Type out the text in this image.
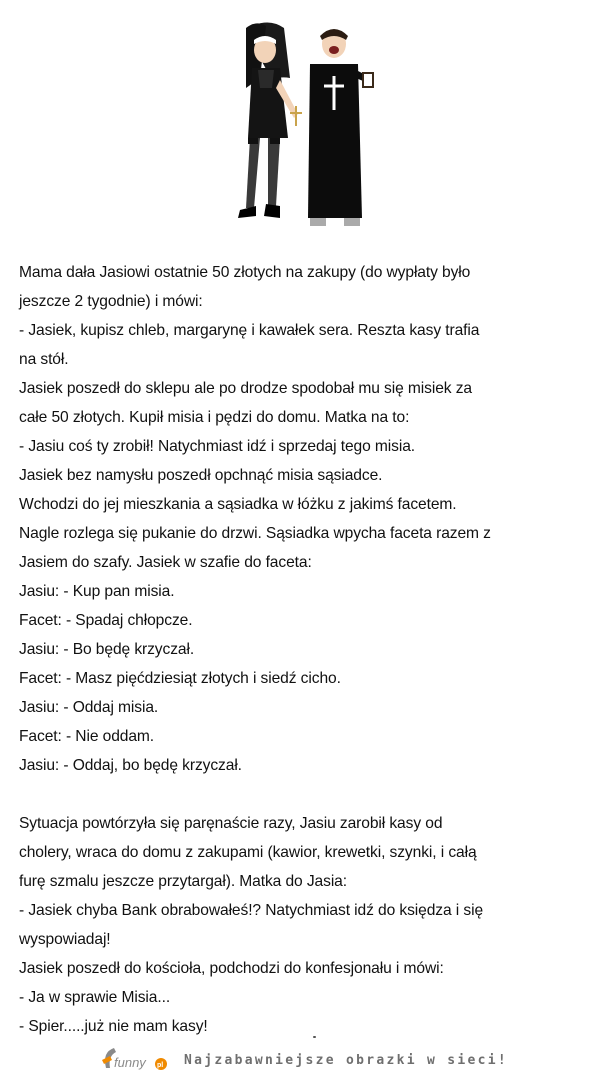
Mama dała Jasiowi ostatnie 50 złotych na zakupy (do wypłaty było
jeszcze 2 tygodnie) i mówi:
- Jasiek, kupisz chleb, margarynę i kawałek sera. Reszta kasy trafia
na stół.
Jasiek poszedł do sklepu ale po drodze spodobał mu się misiek za
całe 50 złotych. Kupił misia i pędzi do domu. Matka na to:
- Jasiu coś ty zrobił! Natychmiast idź i sprzedaj tego misia.
Jasiek bez namysłu poszedł opchnąć misia sąsiadce.
Wchodzi do jej mieszkania a sąsiadka w łóżku z jakimś facetem.
Nagle rozlega się pukanie do drzwi. Sąsiadka wpycha faceta razem z
Jasiem do szafy. Jasiek w szafie do faceta:
Jasiu: - Kup pan misia.
Facet: - Spadaj chłopcze.
Jasiu: - Bo będę krzyczał.
Facet: - Masz pięćdziesiąt złotych i siedź cicho.
Jasiu: - Oddaj misia.
Facet: - Nie oddam.
Jasiu: - Oddaj, bo będę krzyczał.
Sytuacja powtórzyła się paręnaście razy, Jasiu zarobił kasy od
cholery, wraca do domu z zakupami (kawior, krewetki, szynki, i całą
furę szmalu jeszcze przytargał). Matka do Jasia:
- Jasiek chyba Bank obrabowałeś!? Natychmiast idź do księdza i się
wyspowiadaj!
Jasiek poszedł do kościoła, podchodzi do konfesjonału i mówi:
- Ja w sprawie Misia...
- Spier.....już nie mam kasy!
funny pl Najzabawniejsze obrazki w sieci!
